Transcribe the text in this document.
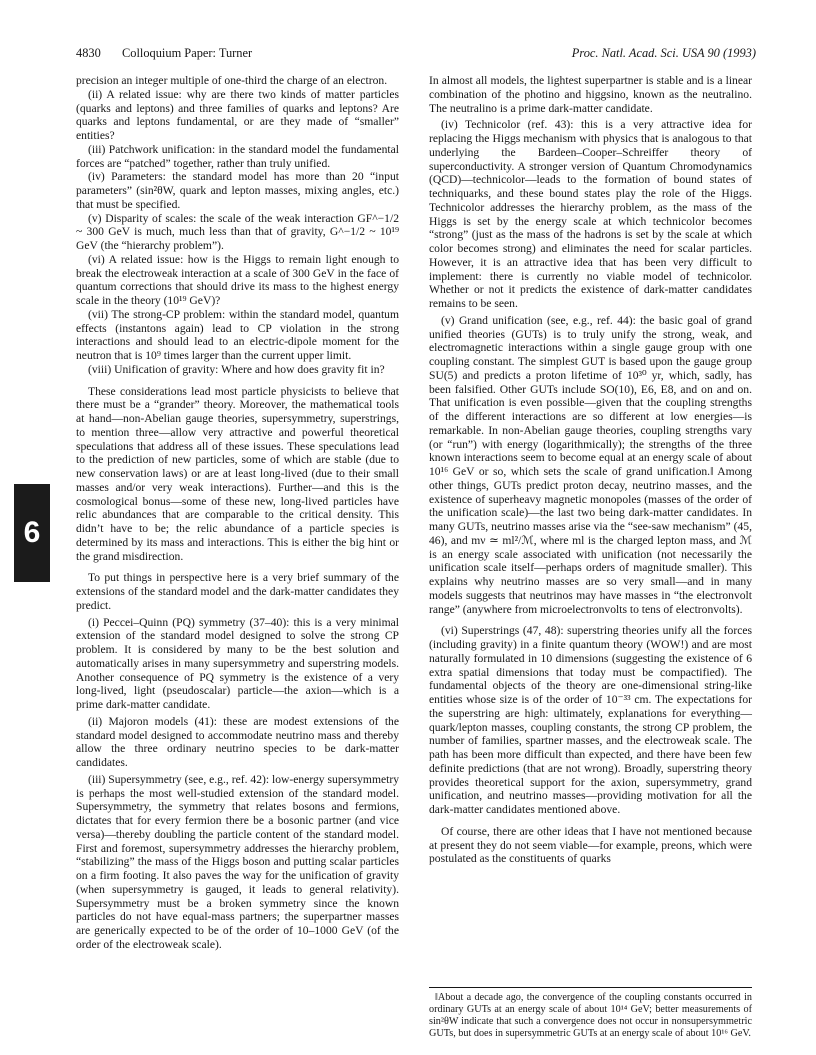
4830 Colloquium Paper: Turner	Proc. Natl. Acad. Sci. USA 90 (1993)
6

precision an integer multiple of one-third the charge of an electron.

(ii) A related issue: why are there two kinds of matter particles (quarks and leptons) and three families of quarks and leptons? Are quarks and leptons fundamental, or are they made of “smaller” entities?

(iii) Patchwork unification: in the standard model the fundamental forces are “patched” together, rather than truly unified.

(iv) Parameters: the standard model has more than 20 “input parameters” (sin²θW, quark and lepton masses, mixing angles, etc.) that must be specified.

(v) Disparity of scales: the scale of the weak interaction GF^−1/2 ~ 300 GeV is much, much less than that of gravity, G^−1/2 ~ 10¹⁹ GeV (the “hierarchy problem”).

(vi) A related issue: how is the Higgs to remain light enough to break the electroweak interaction at a scale of 300 GeV in the face of quantum corrections that should drive its mass to the highest energy scale in the theory (10¹⁹ GeV)?

(vii) The strong-CP problem: within the standard model, quantum effects (instantons again) lead to CP violation in the strong interactions and should lead to an electric-dipole moment for the neutron that is 10⁹ times larger than the current upper limit.

(viii) Unification of gravity: Where and how does gravity fit in?

These considerations lead most particle physicists to believe that there must be a “grander” theory. Moreover, the mathematical tools at hand—non-Abelian gauge theories, supersymmetry, superstrings, to mention three—allow very attractive and powerful theoretical speculations that address all of these issues. These speculations lead to the prediction of new particles, some of which are stable (due to new conservation laws) or are at least long-lived (due to their small masses and/or very weak interactions). Further—and this is the cosmological bonus—some of these new, long-lived particles have relic abundances that are comparable to the critical density. This didn’t have to be; the relic abundance of a particle species is determined by its mass and interactions. This is either the big hint or the grand misdirection.

To put things in perspective here is a very brief summary of the extensions of the standard model and the dark-matter candidates they predict.

(i) Peccei–Quinn (PQ) symmetry (37–40): this is a very minimal extension of the standard model designed to solve the strong CP problem. It is considered by many to be the best solution and automatically arises in many supersymmetry and superstring models. Another consequence of PQ symmetry is the existence of a very long-lived, light (pseudoscalar) particle—the axion—which is a prime dark-matter candidate.

(ii) Majoron models (41): these are modest extensions of the standard model designed to accommodate neutrino mass and thereby allow the three ordinary neutrino species to be dark-matter candidates.

(iii) Supersymmetry (see, e.g., ref. 42): low-energy supersymmetry is perhaps the most well-studied extension of the standard model. Supersymmetry, the symmetry that relates bosons and fermions, dictates that for every fermion there be a bosonic partner (and vice versa)—thereby doubling the particle content of the standard model. First and foremost, supersymmetry addresses the hierarchy problem, “stabilizing” the mass of the Higgs boson and putting scalar particles on a firm footing. It also paves the way for the unification of gravity (when supersymmetry is gauged, it leads to general relativity). Supersymmetry must be a broken symmetry since the known particles do not have equal-mass partners; the superpartner masses are generically expected to be of the order of 10–1000 GeV (of the order of the electroweak scale).

In almost all models, the lightest superpartner is stable and is a linear combination of the photino and higgsino, known as the neutralino. The neutralino is a prime dark-matter candidate.

(iv) Technicolor (ref. 43): this is a very attractive idea for replacing the Higgs mechanism with physics that is analogous to that underlying the Bardeen–Cooper–Schreiffer theory of superconductivity. A stronger version of Quantum Chromodynamics (QCD)—technicolor—leads to the formation of bound states of techniquarks, and these bound states play the role of the Higgs. Technicolor addresses the hierarchy problem, as the mass of the Higgs is set by the energy scale at which technicolor becomes “strong” (just as the mass of the hadrons is set by the scale at which color becomes strong) and eliminates the need for scalar particles. However, it is an attractive idea that has been very difficult to implement: there is currently no viable model of technicolor. Whether or not it predicts the existence of dark-matter candidates remains to be seen.

(v) Grand unification (see, e.g., ref. 44): the basic goal of grand unified theories (GUTs) is to truly unify the strong, weak, and electromagnetic interactions within a single gauge group with one coupling constant. The simplest GUT is based upon the gauge group SU(5) and predicts a proton lifetime of 10³⁰ yr, which, sadly, has been falsified. Other GUTs include SO(10), E6, E8, and on and on. That unification is even possible—given that the coupling strengths of the different interactions are so different at low energies—is remarkable. In non-Abelian gauge theories, coupling strengths vary (or “run”) with energy (logarithmically); the strengths of the three known interactions seem to become equal at an energy scale of about 10¹⁶ GeV or so, which sets the scale of grand unification.‖ Among other things, GUTs predict proton decay, neutrino masses, and the existence of superheavy magnetic monopoles (masses of the order of the unification scale)—the last two being dark-matter candidates. In many GUTs, neutrino masses arise via the “see-saw mechanism” (45, 46), and mν ≃ ml²/ℳ, where ml is the charged lepton mass, and ℳ is an energy scale associated with unification (not necessarily the unification scale itself—perhaps orders of magnitude smaller). This explains why neutrino masses are so very small—and in many models suggests that neutrinos may have masses in “the electronvolt range” (anywhere from microelectronvolts to tens of electronvolts).

(vi) Superstrings (47, 48): superstring theories unify all the forces (including gravity) in a finite quantum theory (WOW!) and are most naturally formulated in 10 dimensions (suggesting the existence of 6 extra spatial dimensions that today must be compactified). The fundamental objects of the theory are one-dimensional string-like entities whose size is of the order of 10⁻³³ cm. The expectations for the superstring are high: ultimately, explanations for everything—quark/lepton masses, coupling constants, the strong CP problem, the number of families, spartner masses, and the electroweak scale. The path has been more difficult than expected, and there have been few definite predictions (that are not wrong). Broadly, superstring theory provides theoretical support for the axion, supersymmetry, grand unification, and neutrino masses—providing motivation for all the dark-matter candidates mentioned above.

Of course, there are other ideas that I have not mentioned because at present they do not seem viable—for example, preons, which were postulated as the constituents of quarks

‖About a decade ago, the convergence of the coupling constants occurred in ordinary GUTs at an energy scale of about 10¹⁴ GeV; better measurements of sin²θW indicate that such a convergence does not occur in nonsupersymmetric GUTs, but does in supersymmetric GUTs at an energy scale of about 10¹⁶ GeV.
